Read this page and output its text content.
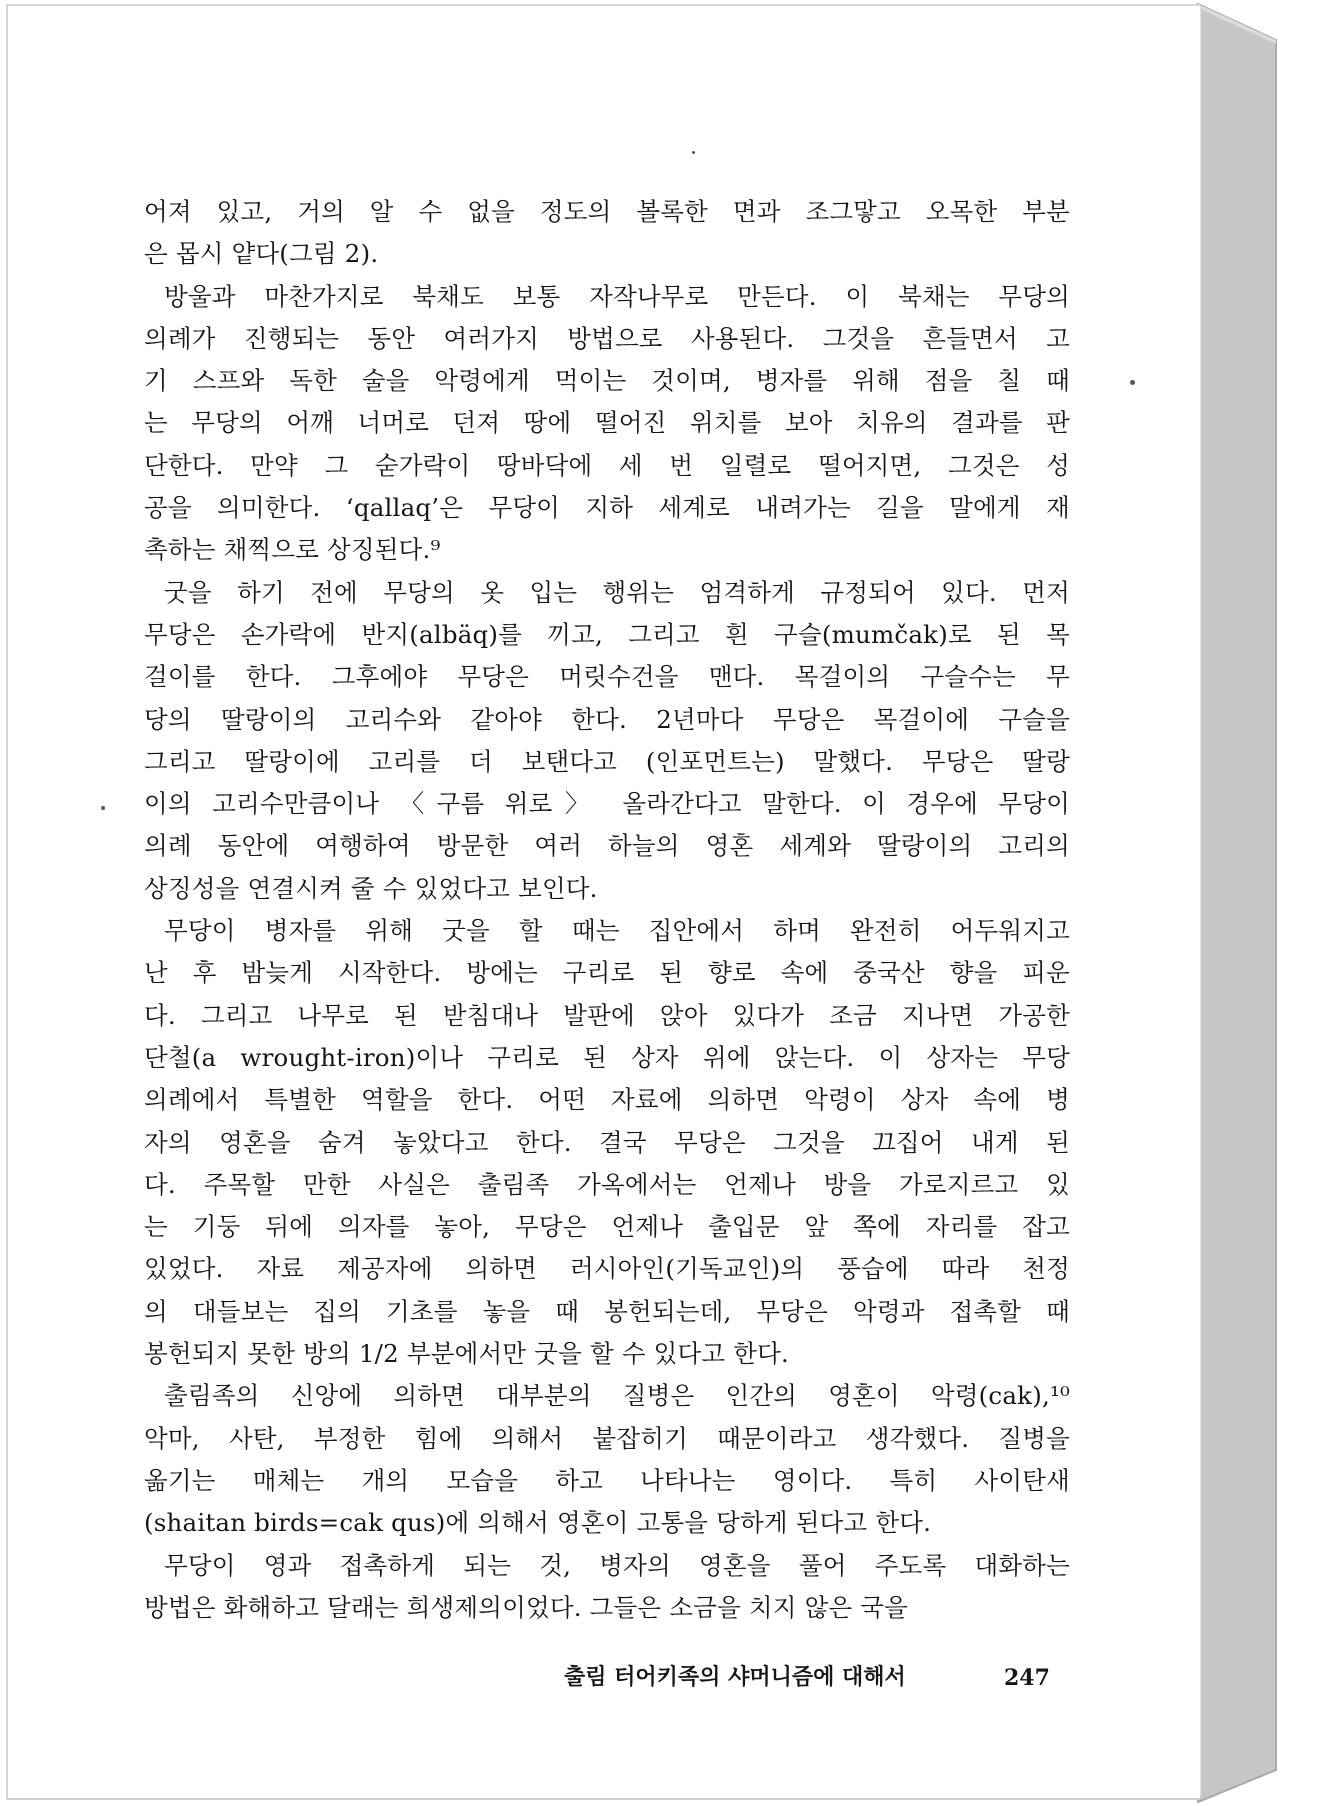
어져 있고, 거의 알 수 없을 정도의 볼록한 면과 조그맣고 오목한 부분
은 몹시 얕다(그림 2).
방울과 마찬가지로 북채도 보통 자작나무로 만든다. 이 북채는 무당의
의례가 진행되는 동안 여러가지 방법으로 사용된다. 그것을 흔들면서 고
기 스프와 독한 술을 악령에게 먹이는 것이며, 병자를 위해 점을 칠 때
는 무당의 어깨 너머로 던져 땅에 떨어진 위치를 보아 치유의 결과를 판
단한다. 만약 그 숟가락이 땅바닥에 세 번 일렬로 떨어지면, 그것은 성
공을 의미한다. ‘qallaq’은 무당이 지하 세계로 내려가는 길을 말에게 재
촉하는 채찍으로 상징된다.⁹
굿을 하기 전에 무당의 옷 입는 행위는 엄격하게 규정되어 있다. 먼저
무당은 손가락에 반지(albäq)를 끼고, 그리고 흰 구슬(mumčak)로 된 목
걸이를 한다. 그후에야 무당은 머릿수건을 맨다. 목걸이의 구슬수는 무
당의 딸랑이의 고리수와 같아야 한다. 2년마다 무당은 목걸이에 구슬을
그리고 딸랑이에 고리를 더 보탠다고 (인포먼트는) 말했다. 무당은 딸랑
이의 고리수만큼이나 〈구름 위로〉 올라간다고 말한다. 이 경우에 무당이
의례 동안에 여행하여 방문한 여러 하늘의 영혼 세계와 딸랑이의 고리의
상징성을 연결시켜 줄 수 있었다고 보인다.
무당이 병자를 위해 굿을 할 때는 집안에서 하며 완전히 어두워지고
난 후 밤늦게 시작한다. 방에는 구리로 된 향로 속에 중국산 향을 피운
다. 그리고 나무로 된 받침대나 발판에 앉아 있다가 조금 지나면 가공한
단철(a wrought-iron)이나 구리로 된 상자 위에 앉는다. 이 상자는 무당
의례에서 특별한 역할을 한다. 어떤 자료에 의하면 악령이 상자 속에 병
자의 영혼을 숨겨 놓았다고 한다. 결국 무당은 그것을 끄집어 내게 된
다. 주목할 만한 사실은 출림족 가옥에서는 언제나 방을 가로지르고 있
는 기둥 뒤에 의자를 놓아, 무당은 언제나 출입문 앞 쪽에 자리를 잡고
있었다. 자료 제공자에 의하면 러시아인(기독교인)의 풍습에 따라 천정
의 대들보는 집의 기초를 놓을 때 봉헌되는데, 무당은 악령과 접촉할 때
봉헌되지 못한 방의 1/2 부분에서만 굿을 할 수 있다고 한다.
출림족의 신앙에 의하면 대부분의 질병은 인간의 영혼이 악령(cak),¹⁰
악마, 사탄, 부정한 힘에 의해서 붙잡히기 때문이라고 생각했다. 질병을
옮기는 매체는 개의 모습을 하고 나타나는 영이다. 특히 사이탄새
(shaitan birds=cak qus)에 의해서 영혼이 고통을 당하게 된다고 한다.
무당이 영과 접촉하게 되는 것, 병자의 영혼을 풀어 주도록 대화하는
방법은 화해하고 달래는 희생제의이었다. 그들은 소금을 치지 않은 국을
출림 터어키족의 샤머니즘에 대해서	247
